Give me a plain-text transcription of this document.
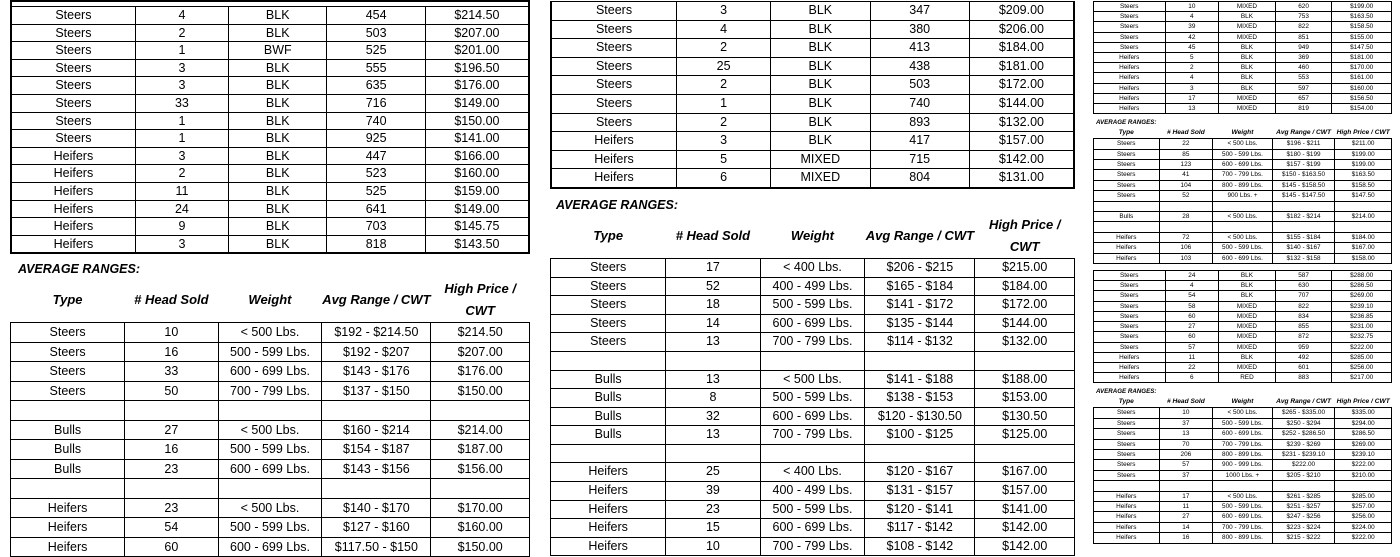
Steers	4	BLK	454	$214.50
Steers	2	BLK	503	$207.00
Steers	1	BWF	525	$201.00
Steers	3	BLK	555	$196.50
Steers	3	BLK	635	$176.00
Steers	33	BLK	716	$149.00
Steers	1	BLK	740	$150.00
Steers	1	BLK	925	$141.00
Heifers	3	BLK	447	$166.00
Heifers	2	BLK	523	$160.00
Heifers	11	BLK	525	$159.00
Heifers	24	BLK	641	$149.00
Heifers	9	BLK	703	$145.75
Heifers	3	BLK	818	$143.50
AVERAGE RANGES:
Type	# Head Sold	Weight	Avg Range / CWT	High Price / CWT
Steers	10	< 500 Lbs.	$192 - $214.50	$214.50
Steers	16	500 - 599 Lbs.	$192 - $207	$207.00
Steers	33	600 - 699 Lbs.	$143 - $176	$176.00
Steers	50	700 - 799 Lbs.	$137 - $150	$150.00

Bulls	27	< 500 Lbs.	$160 - $214	$214.00
Bulls	16	500 - 599 Lbs.	$154 - $187	$187.00
Bulls	23	600 - 699 Lbs.	$143 - $156	$156.00

Heifers	23	< 500 Lbs.	$140 - $170	$170.00
Heifers	54	500 - 599 Lbs.	$127 - $160	$160.00
Heifers	60	600 - 699 Lbs.	$117.50 - $150	$150.00
Steers	3	BLK	347	$209.00
Steers	4	BLK	380	$206.00
Steers	2	BLK	413	$184.00
Steers	25	BLK	438	$181.00
Steers	2	BLK	503	$172.00
Steers	1	BLK	740	$144.00
Steers	2	BLK	893	$132.00
Heifers	3	BLK	417	$157.00
Heifers	5	MIXED	715	$142.00
Heifers	6	MIXED	804	$131.00
AVERAGE RANGES:
Type	# Head Sold	Weight	Avg Range / CWT	High Price / CWT
Steers	17	< 400 Lbs.	$206 - $215	$215.00
Steers	52	400 - 499 Lbs.	$165 - $184	$184.00
Steers	18	500 - 599 Lbs.	$141 - $172	$172.00
Steers	14	600 - 699 Lbs.	$135 - $144	$144.00
Steers	13	700 - 799 Lbs.	$114 - $132	$132.00

Bulls	13	< 500 Lbs.	$141 - $188	$188.00
Bulls	8	500 - 599 Lbs.	$138 - $153	$153.00
Bulls	32	600 - 699 Lbs.	$120 - $130.50	$130.50
Bulls	13	700 - 799 Lbs.	$100 - $125	$125.00

Heifers	25	< 400 Lbs.	$120 - $167	$167.00
Heifers	39	400 - 499 Lbs.	$131 - $157	$157.00
Heifers	23	500 - 599 Lbs.	$120 - $141	$141.00
Heifers	15	600 - 699 Lbs.	$117 - $142	$142.00
Heifers	10	700 - 799 Lbs.	$108 - $142	$142.00
Steers	10	MIXED	620	$199.00
Steers	4	BLK	753	$163.50
Steers	39	MIXED	822	$158.50
Steers	42	MIXED	851	$155.00
Steers	45	BLK	949	$147.50
Heifers	5	BLK	369	$181.00
Heifers	2	BLK	460	$170.00
Heifers	4	BLK	553	$161.00
Heifers	3	BLK	597	$160.00
Heifers	17	MIXED	657	$156.50
Heifers	13	MIXED	819	$154.00
AVERAGE RANGES:
Type	# Head Sold	Weight	Avg Range / CWT	High Price / CWT
Steers	22	< 500 Lbs.	$196 - $211	$211.00
Steers	85	500 - 599 Lbs.	$180 - $199	$199.00
Steers	123	600 - 699 Lbs.	$157 - $199	$199.00
Steers	41	700 - 799 Lbs.	$150 - $163.50	$163.50
Steers	104	800 - 899 Lbs.	$145 - $158.50	$158.50
Steers	52	900 Lbs. +	$145 - $147.50	$147.50

Bulls	28	< 500 Lbs.	$182 - $214	$214.00

Heifers	72	< 500 Lbs.	$155 - $184	$184.00
Heifers	106	500 - 599 Lbs.	$140 - $167	$167.00
Heifers	103	600 - 699 Lbs.	$132 - $158	$158.00
Steers	24	BLK	587	$288.00
Steers	4	BLK	630	$286.50
Steers	54	BLK	707	$269.00
Steers	58	MIXED	822	$239.10
Steers	60	MIXED	834	$236.85
Steers	27	MIXED	855	$231.00
Steers	60	MIXED	872	$232.75
Steers	57	MIXED	959	$222.00
Heifers	11	BLK	492	$285.00
Heifers	22	MIXED	601	$256.00
Heifers	6	RED	883	$217.00
AVERAGE RANGES:
Type	# Head Sold	Weight	Avg Range / CWT	High Price / CWT
Steers	10	< 500 Lbs.	$265 - $335.00	$335.00
Steers	37	500 - 599 Lbs.	$250 - $294	$294.00
Steers	13	600 - 699 Lbs.	$252 - $286.50	$286.50
Steers	70	700 - 799 Lbs.	$239 - $269	$269.00
Steers	206	800 - 899 Lbs.	$231 - $239.10	$239.10
Steers	57	900 - 999 Lbs.	$222.00	$222.00
Steers	37	1000 Lbs. +	$205 - $210	$210.00

Heifers	17	< 500 Lbs.	$261 - $285	$285.00
Heifers	11	500 - 599 Lbs.	$251 - $257	$257.00
Heifers	27	600 - 699 Lbs.	$247 - $256	$256.00
Heifers	14	700 - 799 Lbs.	$223 - $224	$224.00
Heifers	16	800 - 899 Lbs.	$215 - $222	$222.00
